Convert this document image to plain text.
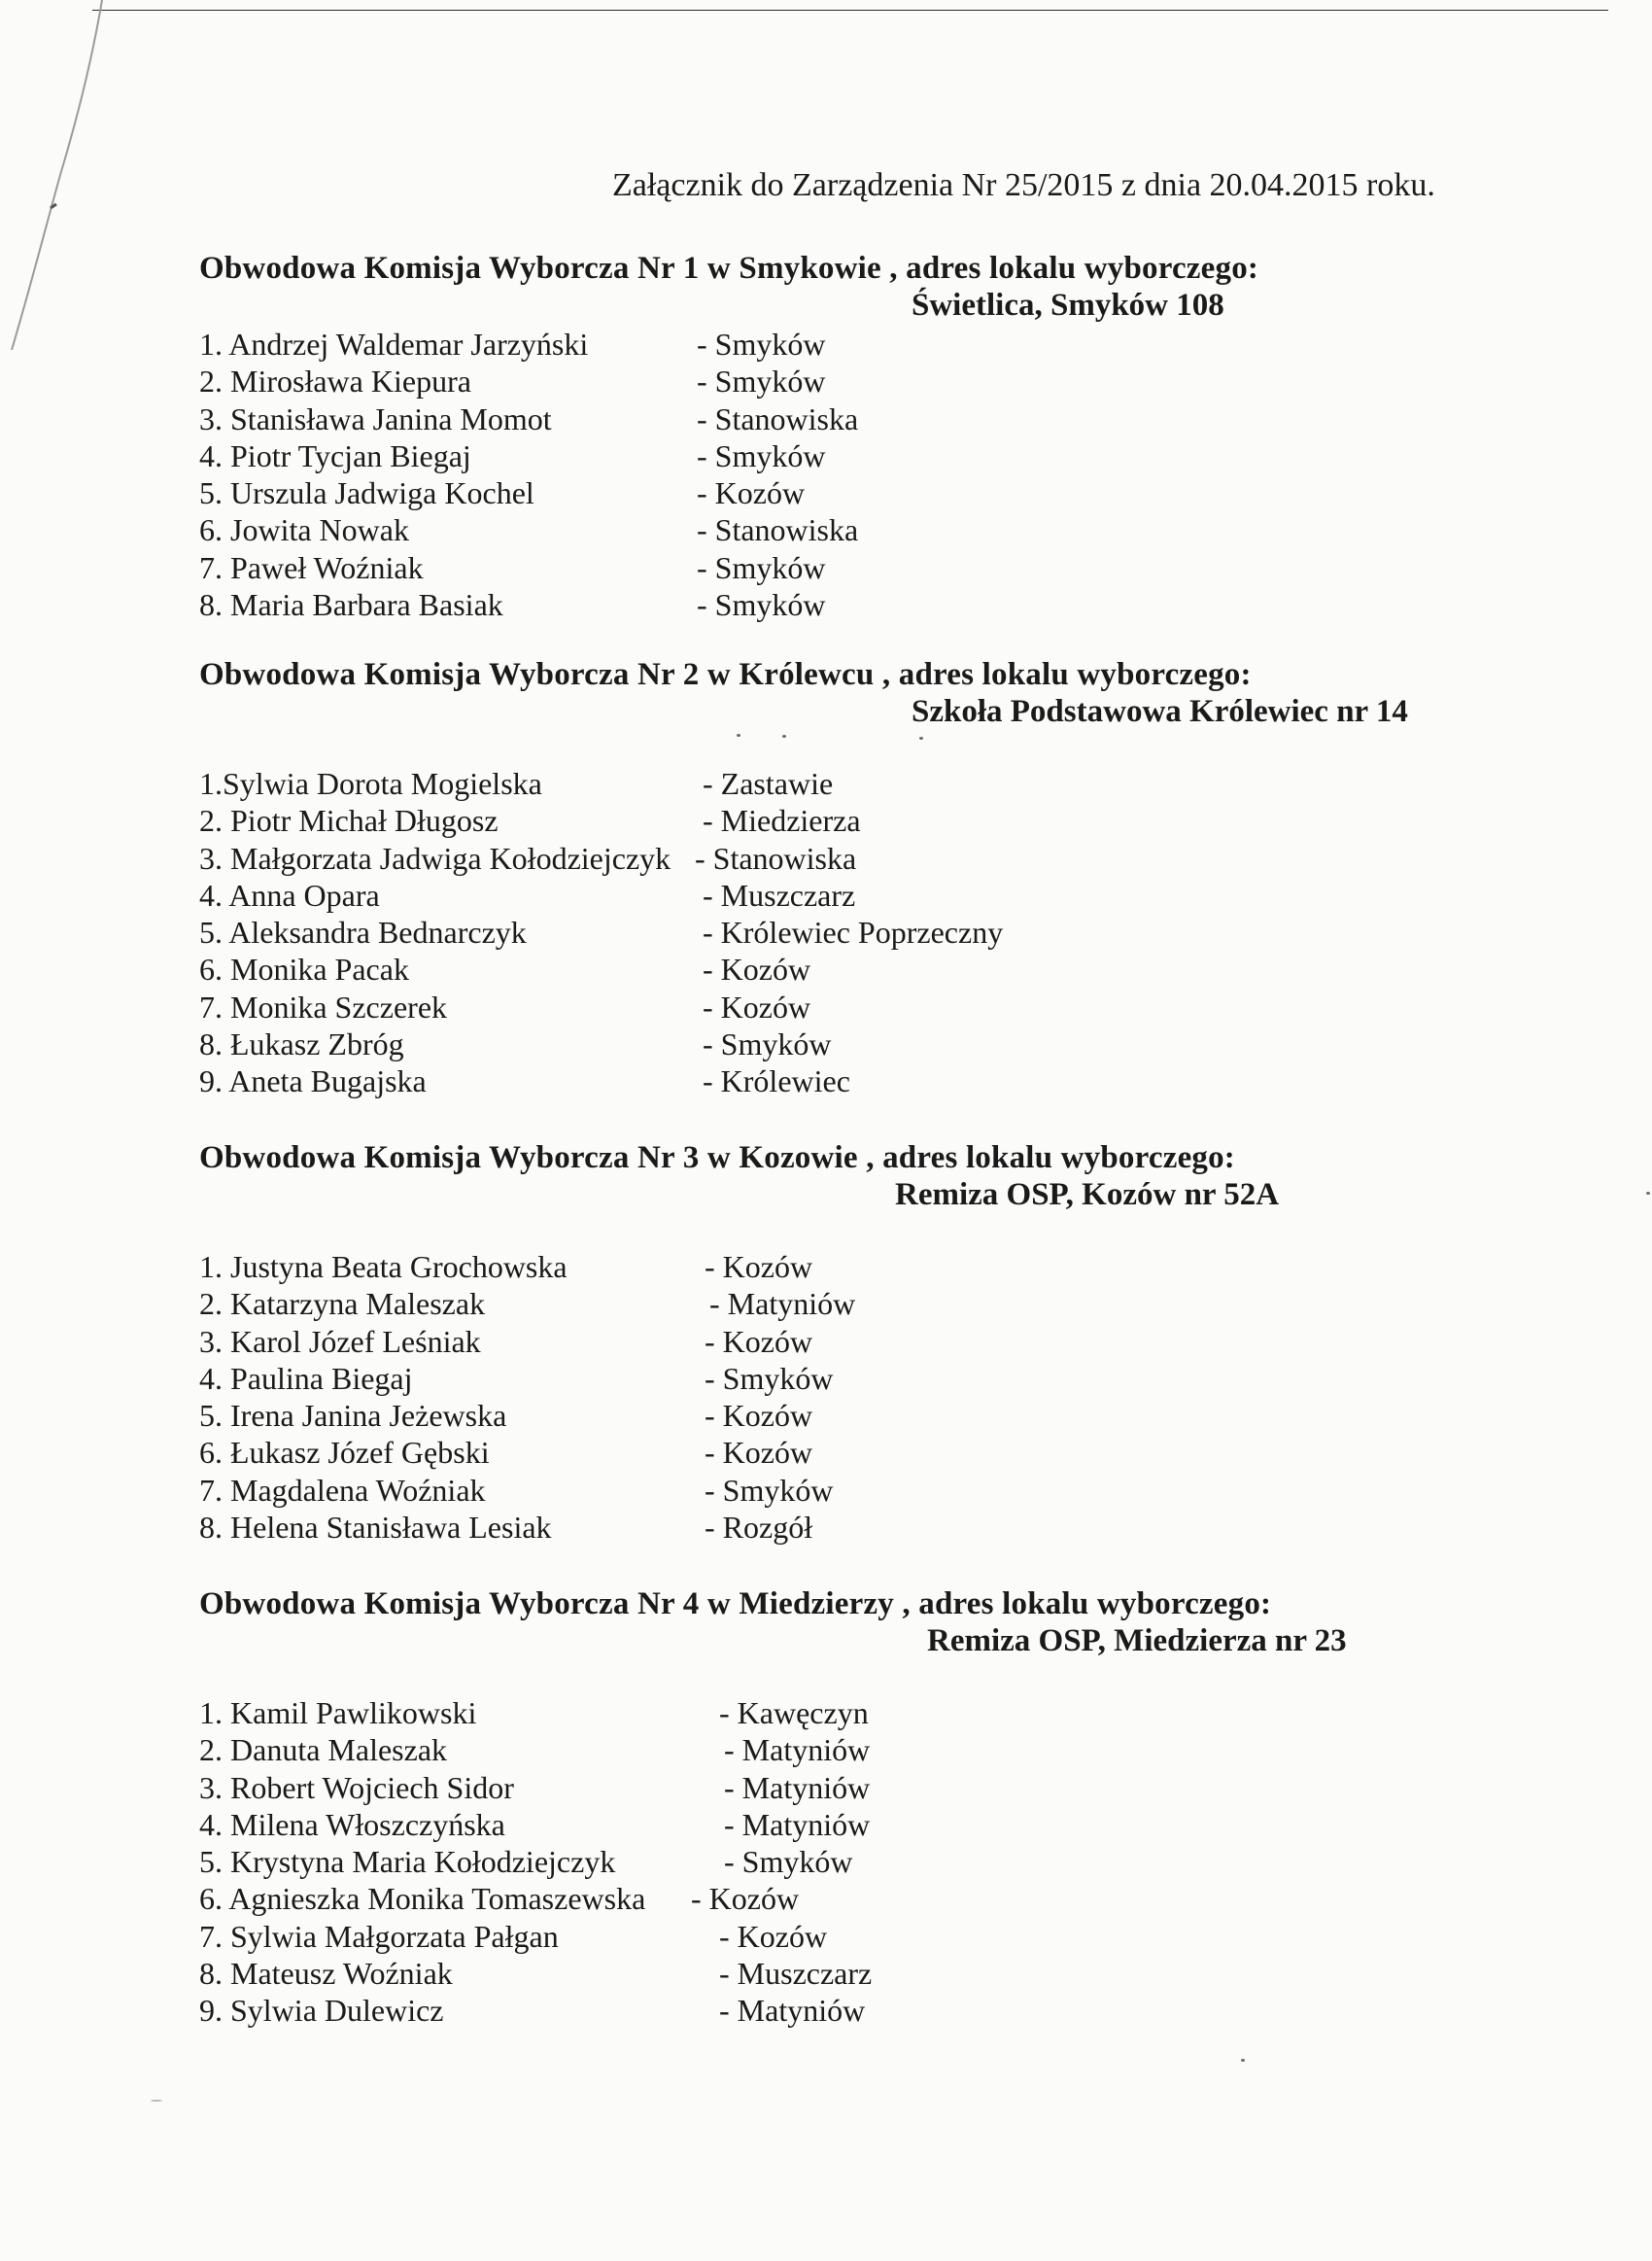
Załącznik do Zarządzenia Nr 25/2015 z dnia 20.04.2015 roku.
Obwodowa Komisja Wyborcza Nr 1 w Smykowie , adres lokalu wyborczego:
Świetlica, Smyków 108
1. Andrzej Waldemar Jarzyński	- Smyków
2. Mirosława Kiepura	- Smyków
3. Stanisława Janina Momot	- Stanowiska
4. Piotr Tycjan Biegaj	- Smyków
5. Urszula Jadwiga Kochel	- Kozów
6. Jowita Nowak	- Stanowiska
7. Paweł Woźniak	- Smyków
8. Maria Barbara Basiak	- Smyków
Obwodowa Komisja Wyborcza Nr 2 w Królewcu , adres lokalu wyborczego:
Szkoła Podstawowa Królewiec nr 14
1.Sylwia Dorota Mogielska	- Zastawie
2. Piotr Michał Długosz	- Miedzierza
3. Małgorzata Jadwiga Kołodziejczyk - Stanowiska
4. Anna Opara	- Muszczarz
5. Aleksandra Bednarczyk	- Królewiec Poprzeczny
6. Monika Pacak	- Kozów
7. Monika Szczerek	- Kozów
8. Łukasz Zbróg	- Smyków
9. Aneta Bugajska	- Królewiec
Obwodowa Komisja Wyborcza Nr 3 w Kozowie , adres lokalu wyborczego:
Remiza OSP, Kozów nr 52A
1. Justyna Beata Grochowska	- Kozów
2. Katarzyna Maleszak	- Matyniów
3. Karol Józef Leśniak	- Kozów
4. Paulina Biegaj	- Smyków
5. Irena Janina Jeżewska	- Kozów
6. Łukasz Józef Gębski	- Kozów
7. Magdalena Woźniak	- Smyków
8. Helena Stanisława Lesiak	- Rozgół
Obwodowa Komisja Wyborcza Nr 4 w Miedzierzy , adres lokalu wyborczego:
Remiza OSP, Miedzierza nr 23
1. Kamil Pawlikowski	- Kawęczyn
2. Danuta Maleszak	- Matyniów
3. Robert Wojciech Sidor	- Matyniów
4. Milena Włoszczyńska	- Matyniów
5. Krystyna Maria Kołodziejczyk	- Smyków
6. Agnieszka Monika Tomaszewska - Kozów
7. Sylwia Małgorzata Pałgan	- Kozów
8. Mateusz Woźniak	- Muszczarz
9. Sylwia Dulewicz	- Matyniów
